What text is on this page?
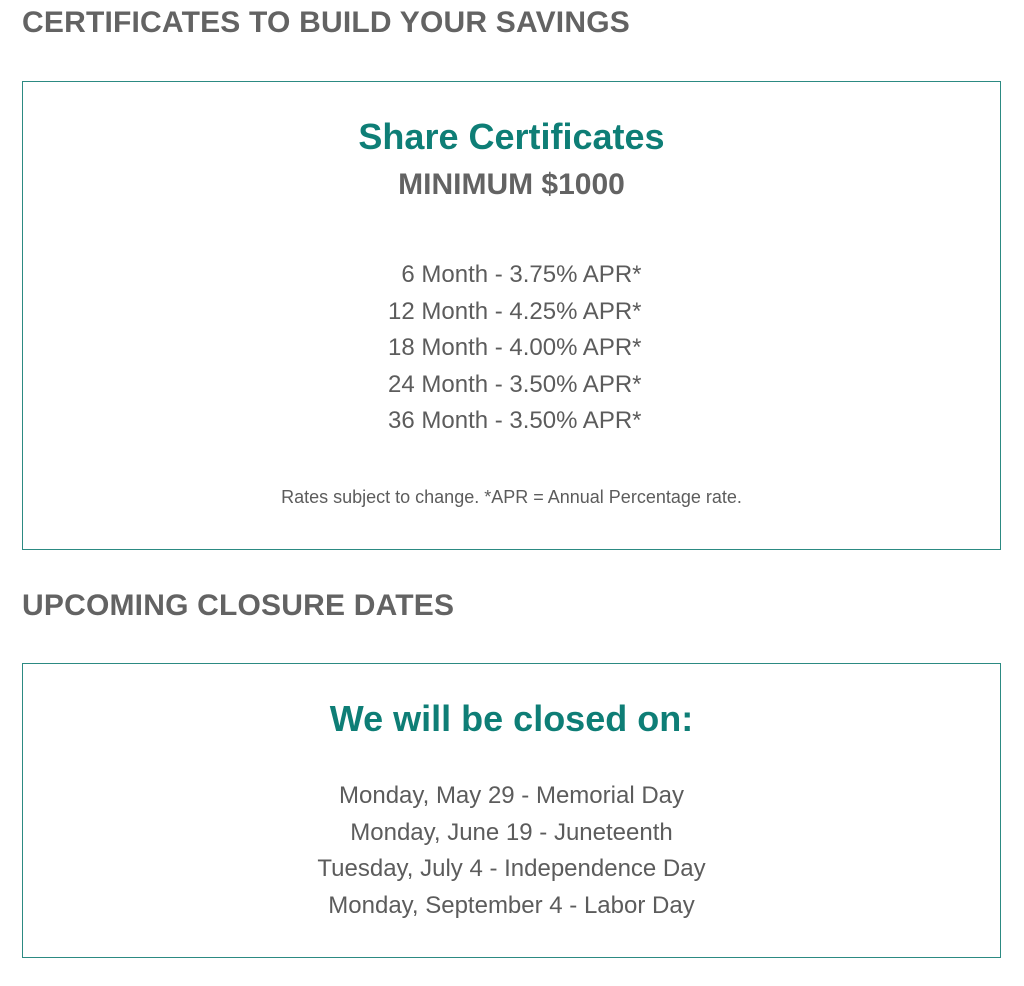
CERTIFICATES TO BUILD YOUR SAVINGS
Share Certificates
MINIMUM $1000
6 Month - 3.75% APR*
12 Month - 4.25% APR*
18 Month - 4.00% APR*
24 Month - 3.50% APR*
36 Month - 3.50% APR*
Rates subject to change. *APR = Annual Percentage rate.
UPCOMING CLOSURE DATES
We will be closed on:
Monday, May 29 - Memorial Day
Monday, June 19 - Juneteenth
Tuesday, July 4 - Independence Day
Monday, September 4 - Labor Day
